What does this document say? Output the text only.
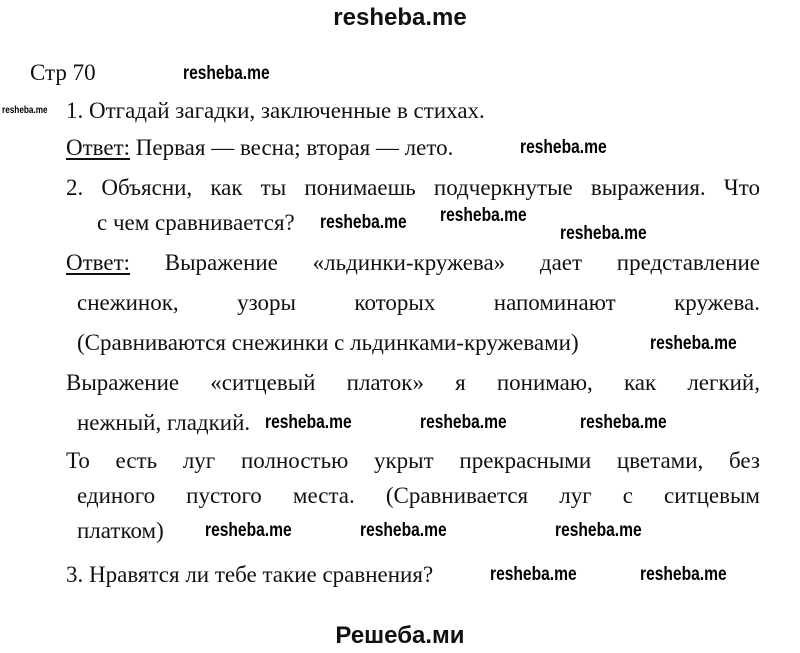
resheba.me
Стр 70
1. Отгадай загадки, заключенные в стихах.
Ответ: Первая — весна; вторая — лето.
2. Объясни, как ты понимаешь подчеркнутые выражения. Что
с чем сравнивается?
Ответ: Выражение «льдинки-кружева» дает представление
снежинок, узоры которых напоминают кружева.
(Сравниваются снежинки с льдинками-кружевами)
Выражение «ситцевый платок» я понимаю, как легкий,
нежный, гладкий.
То есть луг полностью укрыт прекрасными цветами, без
единого пустого места. (Сравнивается луг с ситцевым
платком)
3. Нравятся ли тебе такие сравнения?
resheba.me
resheba.me
resheba.me
resheba.me resheba.me
resheba.me
resheba.me	resheba.me
resheba.me
resheba.me
resheba.me	resheba.me	resheba.me
resheba.me	resheba.me
Решеба.ми
